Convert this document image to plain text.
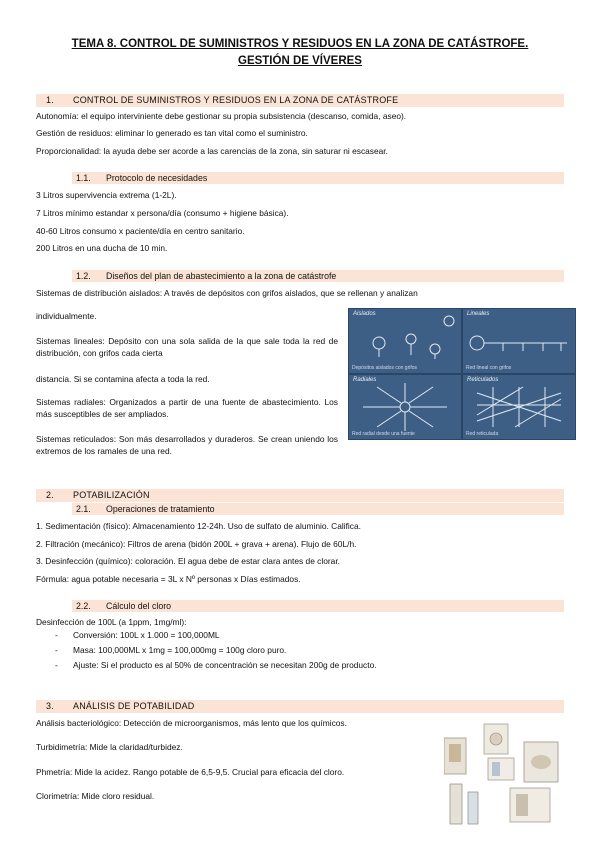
TEMA 8. CONTROL DE SUMINISTROS Y RESIDUOS EN LA ZONA DE CATÁSTROFE.
GESTIÓN DE VÍVERES
1. CONTROL DE SUMINISTROS Y RESIDUOS EN LA ZONA DE CATÁSTROFE
Autonomía: el equipo interviniente debe gestionar su propia subsistencia (descanso, comida, aseo).
Gestión de residuos: eliminar lo generado es tan vital como el suministro.
Proporcionalidad: la ayuda debe ser acorde a las carencias de la zona, sin saturar ni escasear.
1.1. Protocolo de necesidades
3 Litros supervivencia extrema (1-2L).
7 Litros mínimo estandar x persona/día (consumo + higiene básica).
40-60 Litros consumo x paciente/día en centro sanitario.
200 Litros en una ducha de 10 min.
1.2. Diseños del plan de abastecimiento a la zona de catástrofe
Sistemas de distribución aislados: A través de depósitos con grifos aislados, que se rellenan y analizan
individualmente.
Sistemas lineales: Depósito con una sola salida de la que sale toda la red de distribución, con grifos cada cierta
distancia. Si se contamina afecta a toda la red.
Sistemas radiales: Organizados a partir de una fuente de abastecimiento. Los más susceptibles de ser ampliados.
Sistemas reticulados: Son más desarrollados y duraderos. Se crean uniendo los extremos de los ramales de una red.
Aislados
Depósitos aislados con grifos
Lineales
Red lineal con grifos
Radiales
Red radial desde una fuente
Reticulados
Red reticulada
2. POTABILIZACIÓN
2.1. Operaciones de tratamiento
1. Sedimentación (físico): Almacenamiento 12-24h. Uso de sulfato de aluminio. Califica.
2. Filtración (mecánico): Filtros de arena (bidón 200L + grava + arena). Flujo de 60L/h.
3. Desinfección (químico): coloración. El agua debe de estar clara antes de clorar.
Fórmula: agua potable necesaria = 3L x Nº personas x Días estimados.
2.2. Cálculo del cloro
Desinfección de 100L (a 1ppm, 1mg/ml):
- Conversión: 100L x 1.000 = 100,000ML
- Masa: 100,000ML x 1mg = 100,000mg = 100g cloro puro.
- Ajuste: Si el producto es al 50% de concentración se necesitan 200g de producto.
3. ANÁLISIS DE POTABILIDAD
Análisis bacteriológico: Detección de microorganismos, más lento que los químicos.
Turbidimetría: Mide la claridad/turbidez.
Phmetría: Mide la acidez. Rango potable de 6,5-9,5. Crucial para eficacia del cloro.
Clorimetría: Mide cloro residual.
